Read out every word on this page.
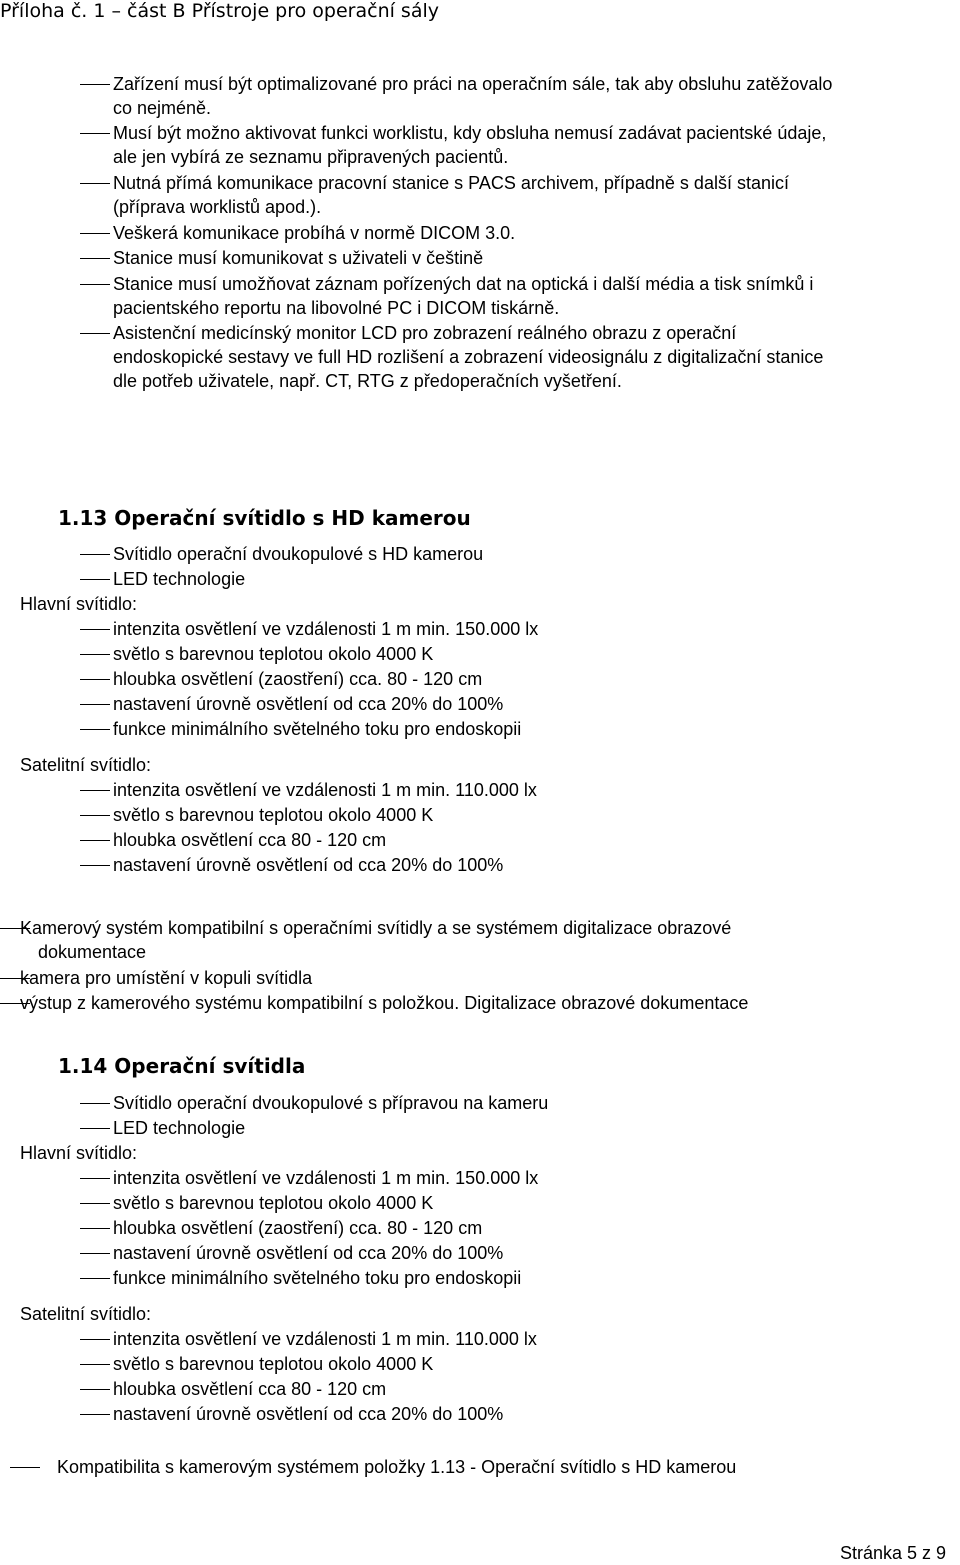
Příloha č. 1 – část B Přístroje pro operační sály
Zařízení musí být optimalizované pro práci na operačním sále, tak aby obsluhu zatěžovalo
co nejméně.
Musí být možno aktivovat funkci worklistu, kdy obsluha nemusí zadávat pacientské údaje,
ale jen vybírá ze seznamu připravených pacientů.
Nutná přímá komunikace pracovní stanice s PACS archivem, případně s další stanicí
(příprava worklistů apod.).
Veškerá komunikace probíhá v normě DICOM 3.0.
Stanice musí komunikovat s uživateli v češtině
Stanice musí umožňovat záznam pořízených dat na optická i další média a tisk snímků i
pacientského reportu na libovolné PC i DICOM tiskárně.
Asistenční medicínský monitor LCD pro zobrazení reálného obrazu z operační
endoskopické sestavy ve full HD rozlišení a zobrazení videosignálu z digitalizační stanice
dle potřeb uživatele, např. CT, RTG z předoperačních vyšetření.
1.13 Operační svítidlo s HD kamerou
Svítidlo operační dvoukopulové s HD kamerou
LED technologie
Hlavní svítidlo:
intenzita osvětlení ve vzdálenosti 1 m min. 150.000 lx
světlo s barevnou teplotou okolo 4000 K
hloubka osvětlení (zaostření) cca. 80 - 120 cm
nastavení úrovně osvětlení od cca 20% do 100%
funkce minimálního světelného toku pro endoskopii
Satelitní svítidlo:
intenzita osvětlení ve vzdálenosti 1 m min. 110.000 lx
světlo s barevnou teplotou okolo 4000 K
hloubka osvětlení cca 80 - 120 cm
nastavení úrovně osvětlení od cca 20% do 100%
Kamerový systém kompatibilní s operačními svítidly a se systémem digitalizace obrazové
dokumentace
kamera pro umístění v kopuli svítidla
výstup z kamerového systému kompatibilní s položkou. Digitalizace obrazové dokumentace
1.14 Operační svítidla
Svítidlo operační dvoukopulové s přípravou na kameru
LED technologie
Hlavní svítidlo:
intenzita osvětlení ve vzdálenosti 1 m min. 150.000 lx
světlo s barevnou teplotou okolo 4000 K
hloubka osvětlení (zaostření) cca. 80 - 120 cm
nastavení úrovně osvětlení od cca 20% do 100%
funkce minimálního světelného toku pro endoskopii
Satelitní svítidlo:
intenzita osvětlení ve vzdálenosti 1 m min. 110.000 lx
světlo s barevnou teplotou okolo 4000 K
hloubka osvětlení cca 80 - 120 cm
nastavení úrovně osvětlení od cca 20% do 100%
Kompatibilita s kamerovým systémem položky 1.13 - Operační svítidlo s HD kamerou
Stránka 5 z 9
